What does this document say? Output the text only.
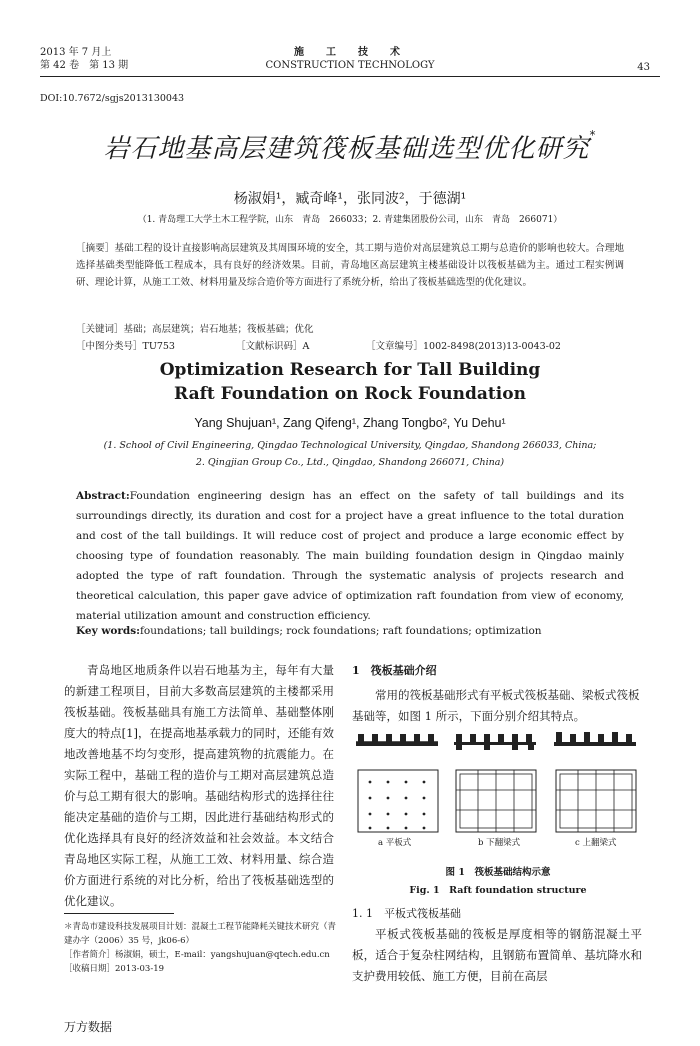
2013 年 7 月上
第 42 卷　第 13 期
施　工　技　术
CONSTRUCTION TECHNOLOGY	43
DOI:10.7672/sgjs2013130043
岩石地基高层建筑筏板基础选型优化研究*
杨淑娟¹，臧奇峰¹，张同波²，于德湖¹
（1. 青岛理工大学土木工程学院，山东　青岛　266033；2. 青建集团股份公司，山东　青岛　266071）
［摘要］基础工程的设计直接影响高层建筑及其周围环境的安全，其工期与造价对高层建筑总工期与总造价的影响也较大。合理地选择基础类型能降低工程成本，具有良好的经济效果。目前，青岛地区高层建筑主楼基础设计以筏板基础为主。通过工程实例调研、理论计算，从施工工效、材料用量及综合造价等方面进行了系统分析，给出了筏板基础选型的优化建议。
［关键词］基础；高层建筑；岩石地基；筏板基础；优化
［中图分类号］TU753	［文献标识码］A	［文章编号］1002-8498(2013)13-0043-02
Optimization Research for Tall Building
Raft Foundation on Rock Foundation
Yang Shujuan¹, Zang Qifeng¹, Zhang Tongbo², Yu Dehu¹
(1. School of Civil Engineering, Qingdao Technological University, Qingdao, Shandong 266033, China;
2. Qingjian Group Co., Ltd., Qingdao, Shandong 266071, China)
Abstract:Foundation engineering design has an effect on the safety of tall buildings and its surroundings directly, its duration and cost for a project have a great influence to the total duration and cost of the tall buildings. It will reduce cost of project and produce a large economic effect by choosing type of foundation reasonably. The main building foundation design in Qingdao mainly adopted the type of raft foundation. Through the systematic analysis of projects research and theoretical calculation, this paper gave advice of optimization raft foundation from view of economy, material utilization amount and construction efficiency.
Key words:foundations; tall buildings; rock foundations; raft foundations; optimization
青岛地区地质条件以岩石地基为主，每年有大量的新建工程项目，目前大多数高层建筑的主楼都采用筏板基础。筏板基础具有施工方法简单、基础整体刚度大的特点[1]，在提高地基承载力的同时，还能有效地改善地基不均匀变形，提高建筑物的抗震能力。在实际工程中，基础工程的造价与工期对高层建筑总造价与总工期有很大的影响。基础结构形式的选择往往能决定基础的造价与工期，因此进行基础结构形式的优化选择具有良好的经济效益和社会效益。本文结合青岛地区实际工程，从施工工效、材料用量、综合造价方面进行系统的对比分析，给出了筏板基础选型的优化建议。
1　筏板基础介绍
常用的筏板基础形式有平板式筏板基础、梁板式筏板基础等，如图 1 所示，下面分别介绍其特点。
a 平板式	b 下翻梁式	c 上翻梁式
图 1　筏板基础结构示意
Fig. 1　Raft foundation structure
1. 1　平板式筏板基础
平板式筏板基础的筏板是厚度相等的钢筋混凝土平板，适合于复杂柱网结构，且钢筋布置简单、基坑降水和支护费用较低、施工方便，目前在高层
＊青岛市建设科技发展项目计划：混凝土工程节能降耗关键技术研究（青建办字（2006）35 号，jk06-6）
［作者简介］杨淑娟，硕士，E-mail：yangshujuan@qtech.edu.cn
［收稿日期］2013-03-19
万方数据
